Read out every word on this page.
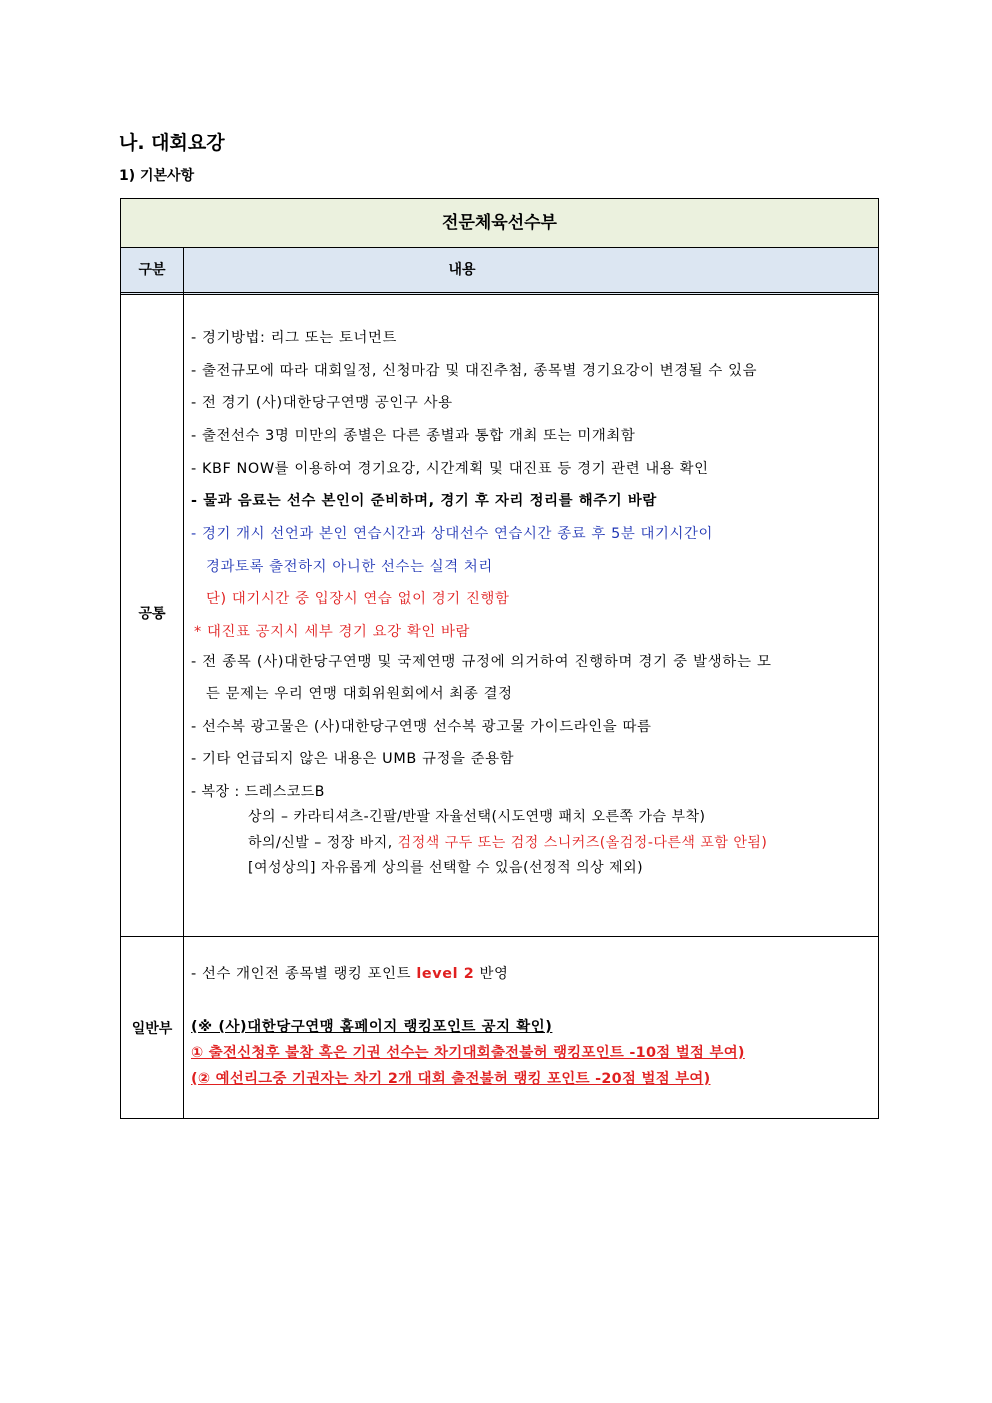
나. 대회요강
1) 기본사항
전문체육선수부
구분	내용
공통
- 경기방법: 리그 또는 토너먼트
- 출전규모에 따라 대회일정, 신청마감 및 대진추첨, 종목별 경기요강이 변경될 수 있음
- 전 경기 (사)대한당구연맹 공인구 사용
- 출전선수 3명 미만의 종별은 다른 종별과 통합 개최 또는 미개최함
- KBF NOW를 이용하여 경기요강, 시간계획 및 대진표 등 경기 관련 내용 확인
- 물과 음료는 선수 본인이 준비하며, 경기 후 자리 정리를 해주기 바람
- 경기 개시 선언과 본인 연습시간과 상대선수 연습시간 종료 후 5분 대기시간이
경과토록 출전하지 아니한 선수는 실격 처리
단) 대기시간 중 입장시 연습 없이 경기 진행함
* 대진표 공지시 세부 경기 요강 확인 바람
- 전 종목 (사)대한당구연맹 및 국제연맹 규정에 의거하여 진행하며 경기 중 발생하는 모
든 문제는 우리 연맹 대회위원회에서 최종 결정
- 선수복 광고물은 (사)대한당구연맹 선수복 광고물 가이드라인을 따름
- 기타 언급되지 않은 내용은 UMB 규정을 준용함
- 복장 : 드레스코드B
상의 – 카라티셔츠-긴팔/반팔 자율선택(시도연맹 패치 오른쪽 가슴 부착)
하의/신발 – 정장 바지, 검정색 구두 또는 검정 스니커즈(올검정-다른색 포함 안됨)
[여성상의] 자유롭게 상의를 선택할 수 있음(선정적 의상 제외)
일반부
- 선수 개인전 종목별 랭킹 포인트 level 2 반영
(※ (사)대한당구연맹 홈페이지 랭킹포인트 공지 확인)
① 출전신청후 불참 혹은 기권 선수는 차기대회출전불허 랭킹포인트 -10점 벌점 부여)
(② 예선리그중 기권자는 차기 2개 대회 출전불허 랭킹 포인트 -20점 벌점 부여)
